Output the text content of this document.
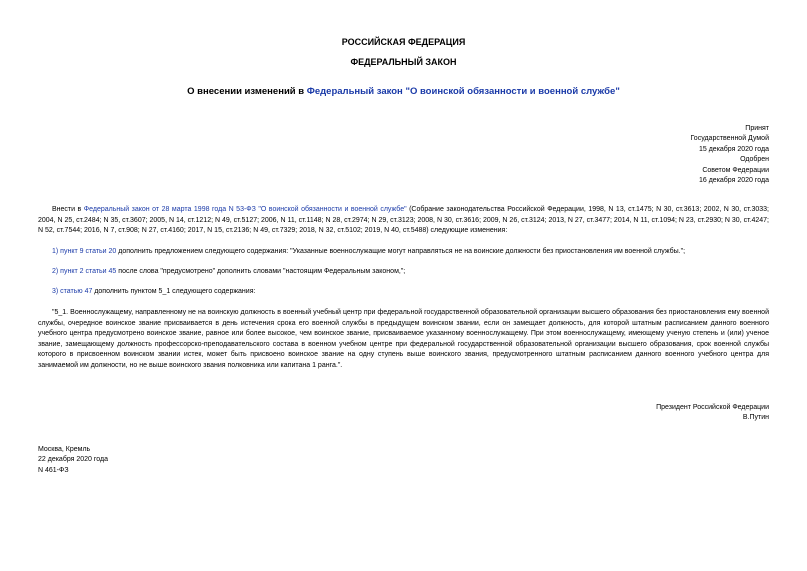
РОССИЙСКАЯ ФЕДЕРАЦИЯ
ФЕДЕРАЛЬНЫЙ ЗАКОН
О внесении изменений в Федеральный закон "О воинской обязанности и военной службе"
Принят
Государственной Думой
15 декабря 2020 года
Одобрен
Советом Федерации
16 декабря 2020 года
Внести в Федеральный закон от 28 марта 1998 года N 53-ФЗ "О воинской обязанности и военной службе" (Собрание законодательства Российской Федерации, 1998, N 13, ст.1475; N 30, ст.3613; 2002, N 30, ст.3033; 2004, N 25, ст.2484; N 35, ст.3607; 2005, N 14, ст.1212; N 49, ст.5127; 2006, N 11, ст.1148; N 28, ст.2974; N 29, ст.3123; 2008, N 30, ст.3616; 2009, N 26, ст.3124; 2013, N 27, ст.3477; 2014, N 11, ст.1094; N 23, ст.2930; N 30, ст.4247; N 52, ст.7544; 2016, N 7, ст.908; N 27, ст.4160; 2017, N 15, ст.2136; N 49, ст.7329; 2018, N 32, ст.5102; 2019, N 40, ст.5488) следующие изменения:
1) пункт 9 статьи 20 дополнить предложением следующего содержания: "Указанные военнослужащие могут направляться не на воинские должности без приостановления им военной службы.";
2) пункт 2 статьи 45 после слова "предусмотрено" дополнить словами "настоящим Федеральным законом,";
3) статью 47 дополнить пунктом 5_1 следующего содержания:
"5_1. Военнослужащему, направленному не на воинскую должность в военный учебный центр при федеральной государственной образовательной организации высшего образования без приостановления ему военной службы, очередное воинское звание присваивается в день истечения срока его военной службы в предыдущем воинском звании, если он замещает должность, для которой штатным расписанием данного военного учебного центра предусмотрено воинское звание, равное или более высокое, чем воинское звание, присваиваемое указанному военнослужащему. При этом военнослужащему, имеющему ученую степень и (или) ученое звание, замещающему должность профессорско-преподавательского состава в военном учебном центре при федеральной государственной образовательной организации высшего образования, срок военной службы которого в присвоенном воинском звании истек, может быть присвоено воинское звание на одну ступень выше воинского звания, предусмотренного штатным расписанием данного военного учебного центра для занимаемой им должности, но не выше воинского звания полковника или капитана 1 ранга.".
Президент Российской Федерации
В.Путин
Москва, Кремль
22 декабря 2020 года
N 461-ФЗ
